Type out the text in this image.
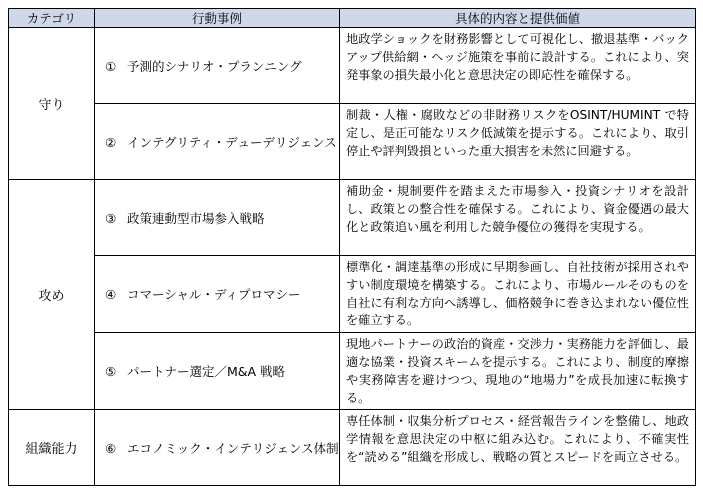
カテゴリ	行動事例	具体的内容と提供価値
守り	① 予測的シナリオ・プランニング	地政学ショックを財務影響として可視化し、撤退基準・バックアップ供給網・ヘッジ施策を事前に設計する。これにより、突発事象の損失最小化と意思決定の即応性を確保する。
	② インテグリティ・デューデリジェンス	制裁・人権・腐敗などの非財務リスクをOSINT/HUMINT で特定し、是正可能なリスク低減策を提示する。これにより、取引停止や評判毀損といった重大損害を未然に回避する。
攻め	③ 政策連動型市場参入戦略	補助金・規制要件を踏まえた市場参入・投資シナリオを設計し、政策との整合性を確保する。これにより、資金優遇の最大化と政策追い風を利用した競争優位の獲得を実現する。
	④ コマーシャル・ディプロマシー	標準化・調達基準の形成に早期参画し、自社技術が採用されやすい制度環境を構築する。これにより、市場ルールそのものを自社に有利な方向へ誘導し、価格競争に巻き込まれない優位性を確立する。
	⑤ パートナー選定／M&A 戦略	現地パートナーの政治的資産・交渉力・実務能力を評価し、最適な協業・投資スキームを提示する。これにより、制度的摩擦や実務障害を避けつつ、現地の“地場力”を成長加速に転換する。
組織能力	⑥ エコノミック・インテリジェンス体制	専任体制・収集分析プロセス・経営報告ラインを整備し、地政学情報を意思決定の中枢に組み込む。これにより、不確実性を“読める”組織を形成し、戦略の質とスピードを両立させる。
